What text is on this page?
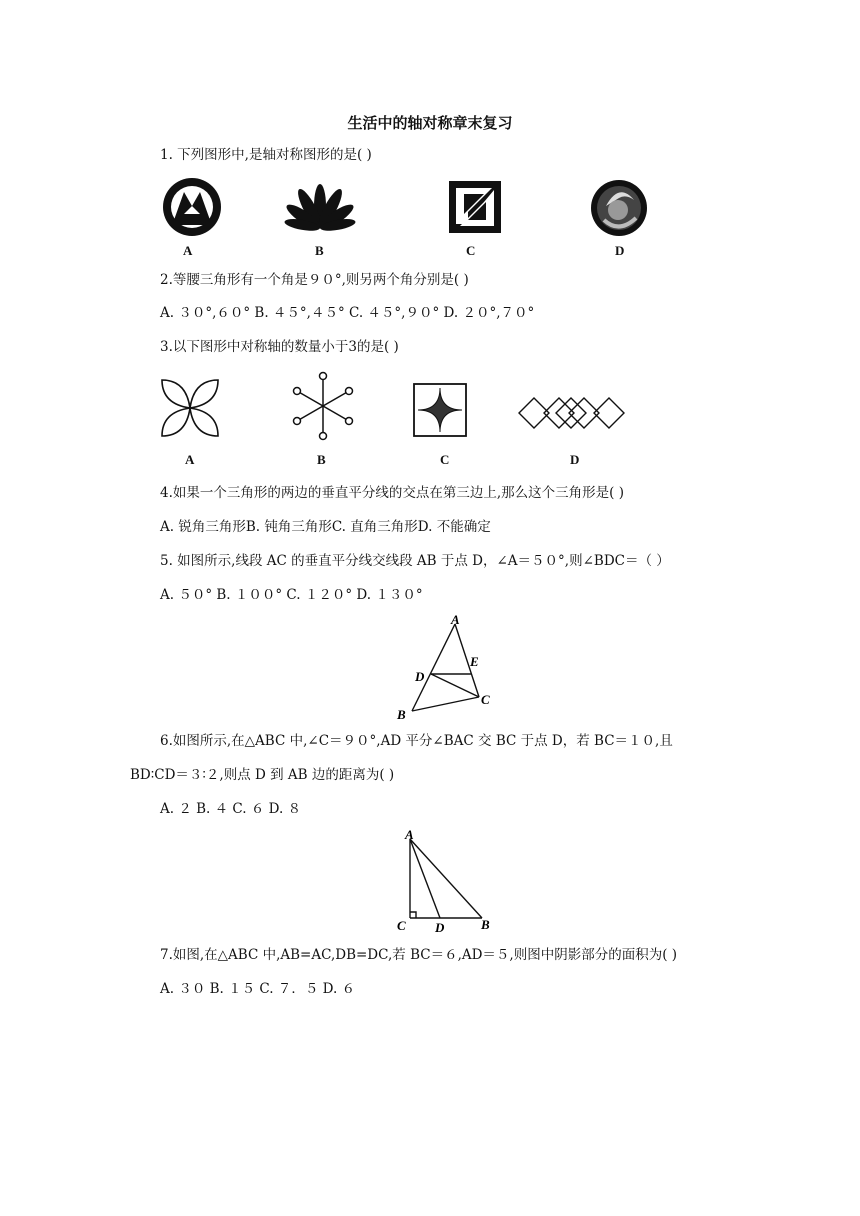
生活中的轴对称章末复习
1. 下列图形中,是轴对称图形的是( )
A	B	C	D
2.等腰三角形有一个角是９０°,则另两个角分别是( )
A. ３０°,６０° B. ４５°,４５° C. ４５°,９０° D. ２０°,７０°
3.以下图形中对称轴的数量小于3的是( )
A	B	C	D
4.如果一个三角形的两边的垂直平分线的交点在第三边上,那么这个三角形是( )
A. 锐角三角形B. 钝角三角形C. 直角三角形D. 不能确定
5. 如图所示,线段 AC 的垂直平分线交线段 AB 于点 D，∠A＝５０°,则∠BDC＝（ ）
A. ５０° B. １００° C. １２０° D. １３０°
A
E
D
C
B
6.如图所示,在△ABC 中,∠C＝９０°,AD 平分∠BAC 交 BC 于点 D，若 BC＝１０,且
BD∶CD＝３∶２,则点 D 到 AB 边的距离为( )
A. ２ B. ４ C. ６ D. ８
A
C D	B
7.如图,在△ABC 中,AB=AC,DB=DC,若 BC＝６,AD＝５,则图中阴影部分的面积为( )
A. ３０ B. １５ C. ７．５ D. ６
